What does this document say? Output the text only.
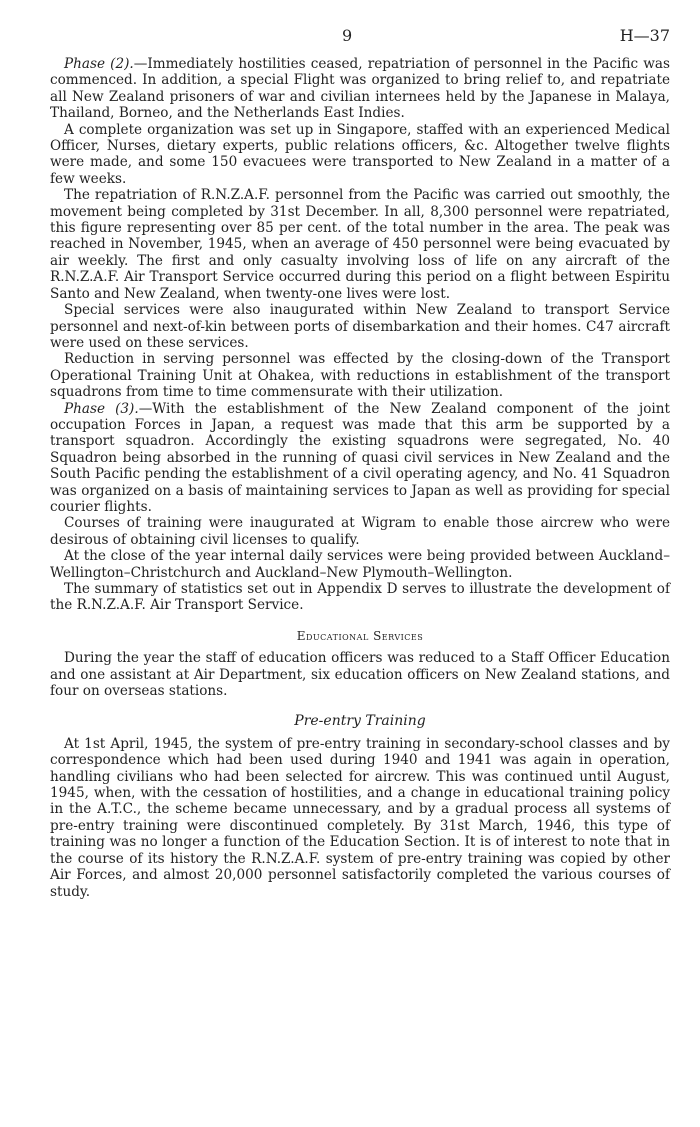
9	H—37

Phase (2).—Immediately hostilities ceased, repatriation of personnel in the Pacific was commenced. In addition, a special Flight was organized to bring relief to, and repatriate all New Zealand prisoners of war and civilian internees held by the Japanese in Malaya, Thailand, Borneo, and the Netherlands East Indies.

A complete organization was set up in Singapore, staffed with an experienced Medical Officer, Nurses, dietary experts, public relations officers, &c. Altogether twelve flights were made, and some 150 evacuees were transported to New Zealand in a matter of a few weeks.

The repatriation of R.N.Z.A.F. personnel from the Pacific was carried out smoothly, the movement being completed by 31st December. In all, 8,300 personnel were repatriated, this figure representing over 85 per cent. of the total number in the area. The peak was reached in November, 1945, when an average of 450 personnel were being evacuated by air weekly. The first and only casualty involving loss of life on any aircraft of the R.N.Z.A.F. Air Transport Service occurred during this period on a flight between Espiritu Santo and New Zealand, when twenty-one lives were lost.

Special services were also inaugurated within New Zealand to transport Service personnel and next-of-kin between ports of disembarkation and their homes. C47 aircraft were used on these services.

Reduction in serving personnel was effected by the closing-down of the Transport Operational Training Unit at Ohakea, with reductions in establishment of the transport squadrons from time to time commensurate with their utilization.

Phase (3).—With the establishment of the New Zealand component of the joint occupation Forces in Japan, a request was made that this arm be supported by a transport squadron. Accordingly the existing squadrons were segregated, No. 40 Squadron being absorbed in the running of quasi civil services in New Zealand and the South Pacific pending the establishment of a civil operating agency, and No. 41 Squadron was organized on a basis of maintaining services to Japan as well as providing for special courier flights.

Courses of training were inaugurated at Wigram to enable those aircrew who were desirous of obtaining civil licenses to qualify.

At the close of the year internal daily services were being provided between Auckland–Wellington–Christchurch and Auckland–New Plymouth–Wellington.

The summary of statistics set out in Appendix D serves to illustrate the development of the R.N.Z.A.F. Air Transport Service.

Educational Services

During the year the staff of education officers was reduced to a Staff Officer Education and one assistant at Air Department, six education officers on New Zealand stations, and four on overseas stations.

Pre-entry Training

At 1st April, 1945, the system of pre-entry training in secondary-school classes and by correspondence which had been used during 1940 and 1941 was again in operation, handling civilians who had been selected for aircrew. This was continued until August, 1945, when, with the cessation of hostilities, and a change in educational training policy in the A.T.C., the scheme became unnecessary, and by a gradual process all systems of pre-entry training were discontinued completely. By 31st March, 1946, this type of training was no longer a function of the Education Section. It is of interest to note that in the course of its history the R.N.Z.A.F. system of pre-entry training was copied by other Air Forces, and almost 20,000 personnel satisfactorily completed the various courses of study.
